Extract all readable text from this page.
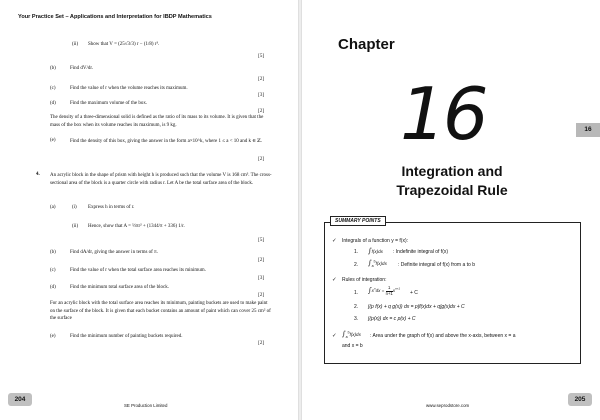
Your Practice Set – Applications and Interpretation for IBDP Mathematics
(ii) Show that V = (25√3/3) r − (1/8) r³.
[5]
(b)	Find dV/dr.
[2]
(c)	Find the value of r when the volume reaches its maximum.
[3]
(d)	Find the maximum volume of the box.
[2]
The density of a three-dimensional solid is defined as the ratio of its mass to its volume. It is given that the mass of the box when its volume reaches its maximum, is 9 kg.
(e)	Find the density of this box, giving the answer in the form a×10^k, where 1 ≤ a < 10 and k ∈ ℤ.
[2]
4. An acrylic block in the shape of prism with height h is produced such that the volume V is 168 cm³. The cross-sectional area of the block is a quarter circle with radius r. Let A be the total surface area of the block.
(a)	(i) Express h in terms of r.
(ii) Hence, show that A = ½πr² + (1344/π + 336) 1/r.
[5]
(b)	Find dA/dr, giving the answer in terms of π.
[2]
(c)	Find the value of r when the total surface area reaches its minimum.
[3]
(d)	Find the minimum total surface area of the block.
[2]
For an acrylic block with the total surface area reaches its minimum, painting buckets are used to make paint on the surface of the block. It is given that each bucket contains an amount of paint which can cover 25 cm² of the surface
(e)	Find the minimum number of painting buckets required.
[2]
204
SE Production Limited
Chapter
16	16
Integration and
Trapezoidal Rule
SUMMARY POINTS
✓ Integrals of a function y = f(x):
1. ∫f(x)dx : Indefinite integral of f(x)
2. $\int_a^bf(x)dx$ : Definite integral of f(x) from a to b
✓ Rules of integration:
1. $\int x^ndx = \frac{1}{n+1} x^{n+1}$
+ C
2. ∫(p f(x) + q g(x)) dx = p∫f(x)dx + q∫g(x)dx + C
3. ∫(p(x)) dx = c p(x) + C
✓ $\int_a^bf(x)dx$ : Area under the graph of f(x) and above the x-axis, between x = a
and x = b
205
www.seprodstore.com
